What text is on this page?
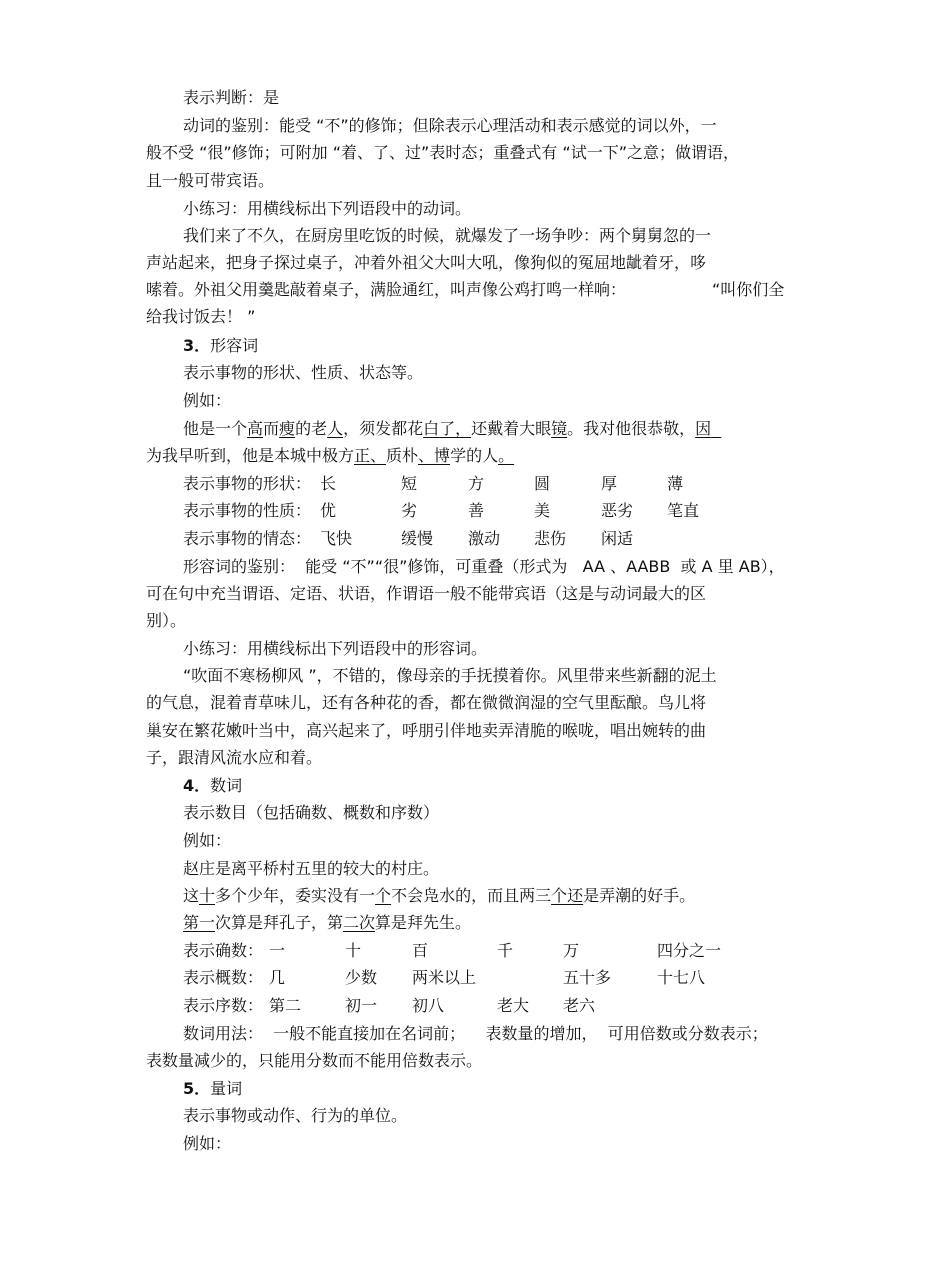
表示判断：是
动词的鉴别：能受 “不”的修饰；但除表示心理活动和表示感觉的词以外，一
般不受 “很”修饰；可附加 “着、了、过”表时态；重叠式有 “试一下”之意；做谓语，
且一般可带宾语。
小练习：用横线标出下列语段中的动词。
我们来了不久，在厨房里吃饭的时候，就爆发了一场争吵：两个舅舅忽的一
声站起来，把身子探过桌子，冲着外祖父大叫大吼，像狗似的冤屈地龇着牙，哆
嗦着。外祖父用羹匙敲着桌子，满脸通红，叫声像公鸡打鸣一样响：	“叫你们全
给我讨饭去！ ”
3．形容词
表示事物的形状、性质、状态等。
例如：
他是一个高而瘦的老人，须发都花白了，还戴着大眼镜。我对他很恭敬，因
为我早听到，他是本城中极方正、质朴、博学的人。
表示事物的形状： 长	短	方	圆	厚	薄
表示事物的性质： 优	劣	善	美	恶劣 笔直
表示事物的情态： 飞快	缓慢 激动 悲伤 闲适
形容词的鉴别：  能受 “不”“很”修饰，可重叠（形式为   AA 、AABB  或 A 里 AB），
可在句中充当谓语、定语、状语，作谓语一般不能带宾语（这是与动词最大的区
别）。
小练习：用横线标出下列语段中的形容词。
“吹面不寒杨柳风 ”，不错的，像母亲的手抚摸着你。风里带来些新翻的泥土
的气息，混着青草味儿，还有各种花的香，都在微微润湿的空气里酝酿。鸟儿将
巢安在繁花嫩叶当中，高兴起来了，呼朋引伴地卖弄清脆的喉咙，唱出婉转的曲
子，跟清风流水应和着。
4．数词
表示数目（包括确数、概数和序数）
例如：
赵庄是离平桥村五里的较大的村庄。
这十多个少年，委实没有一个不会凫水的，而且两三个还是弄潮的好手。
第一次算是拜孔子，第二次算是拜先生。
表示确数： 一	十	百	千	万	四分之一
表示概数： 几	少数 两米以上	五十多	十七八
表示序数： 第二	初一 初八	老大 老六
数词用法：  一般不能直接加在名词前；    表数量的增加，  可用倍数或分数表示；
表数量减少的，只能用分数而不能用倍数表示。
5．量词
表示事物或动作、行为的单位。
例如：
